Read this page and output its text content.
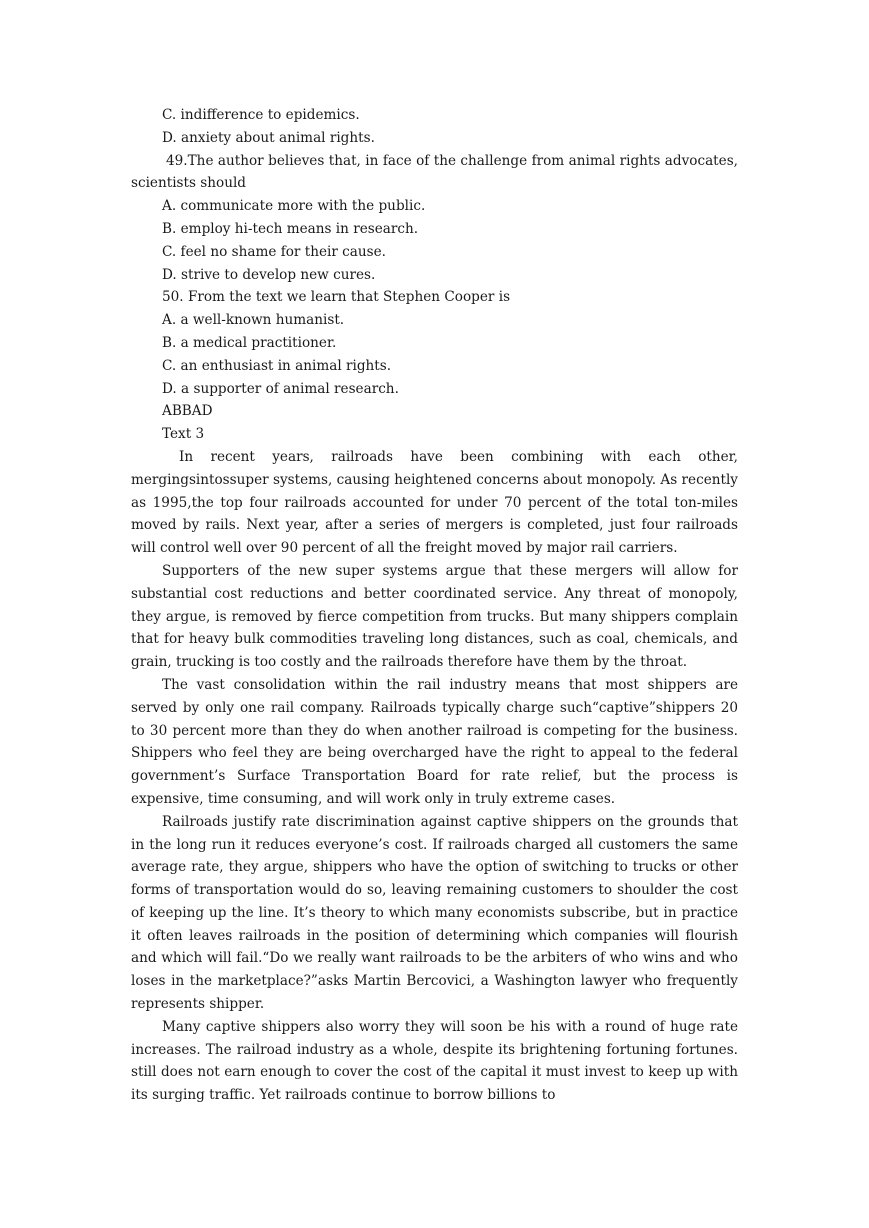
C. indifference to epidemics.
D. anxiety about animal rights.
49.The author believes that, in face of the challenge from animal rights advocates, scientists should
A. communicate more with the public.
B. employ hi-tech means in research.
C. feel no shame for their cause.
D. strive to develop new cures.
50. From the text we learn that Stephen Cooper is
A. a well-known humanist.
B. a medical practitioner.
C. an enthusiast in animal rights.
D. a supporter of animal research.
ABBAD
Text 3

In recent years, railroads have been combining with each other, mergingsintossuper systems, causing heightened concerns about monopoly. As recently as 1995,the top four railroads accounted for under 70 percent of the total ton-miles moved by rails. Next year, after a series of mergers is completed, just four railroads will control well over 90 percent of all the freight moved by major rail carriers.

Supporters of the new super systems argue that these mergers will allow for substantial cost reductions and better coordinated service. Any threat of monopoly, they argue, is removed by fierce competition from trucks. But many shippers complain that for heavy bulk commodities traveling long distances, such as coal, chemicals, and grain, trucking is too costly and the railroads therefore have them by the throat.

The vast consolidation within the rail industry means that most shippers are served by only one rail company. Railroads typically charge such“captive”shippers 20 to 30 percent more than they do when another railroad is competing for the business. Shippers who feel they are being overcharged have the right to appeal to the federal government’s Surface Transportation Board for rate relief, but the process is expensive, time consuming, and will work only in truly extreme cases.

Railroads justify rate discrimination against captive shippers on the grounds that in the long run it reduces everyone’s cost. If railroads charged all customers the same average rate, they argue, shippers who have the option of switching to trucks or other forms of transportation would do so, leaving remaining customers to shoulder the cost of keeping up the line. It’s theory to which many economists subscribe, but in practice it often leaves railroads in the position of determining which companies will flourish and which will fail.“Do we really want railroads to be the arbiters of who wins and who loses in the marketplace?”asks Martin Bercovici, a Washington lawyer who frequently represents shipper.

Many captive shippers also worry they will soon be his with a round of huge rate increases. The railroad industry as a whole, despite its brightening fortuning fortunes. still does not earn enough to cover the cost of the capital it must invest to keep up with its surging traffic. Yet railroads continue to borrow billions to
